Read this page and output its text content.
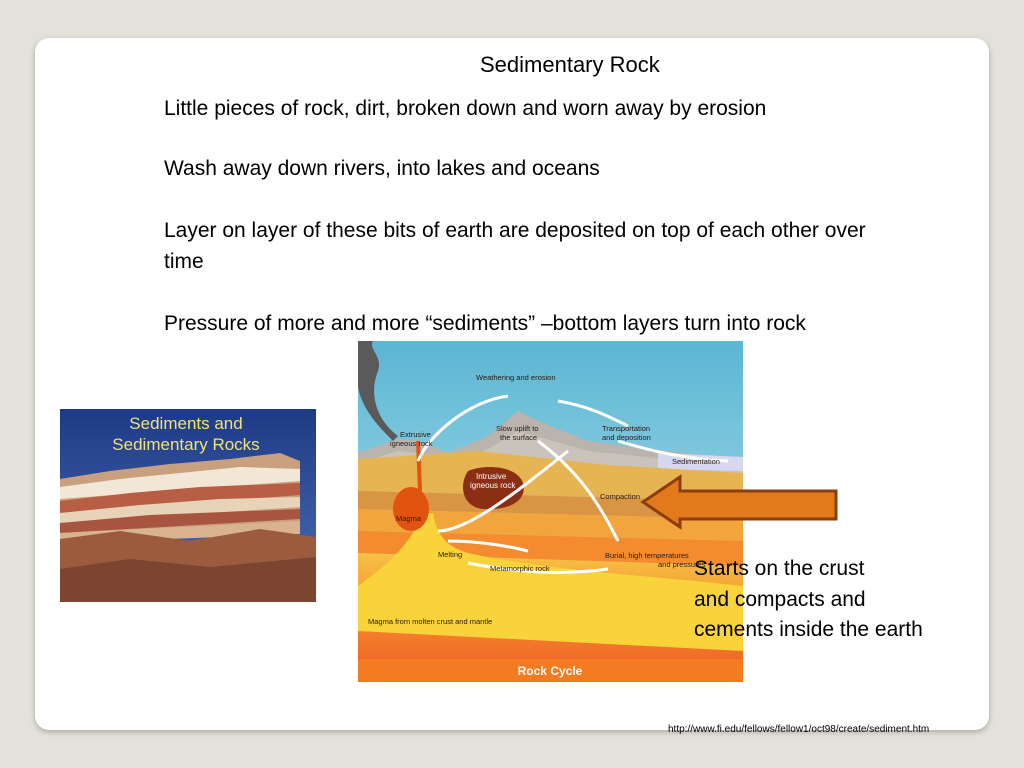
Sedimentary Rock
Little pieces of rock, dirt, broken down and worn away by erosion
Wash away down rivers, into lakes and oceans
Layer on layer of these bits of earth are deposited on top of each other over time
Pressure of more and more “sediments” –bottom layers turn into rock
Sediments and
Sedimentary Rocks
Weathering and erosion
Extrusive
igneous rock
Slow uplift to
the surface
Transportation
and deposition
Sedimentation
Intrusive
igneous rock
Compaction
Magma
Melting
Metamorphic rock
Burial, high temperatures
and pressures
Magma from molten crust and mantle
Rock Cycle
Starts on the crust
and compacts and
cements inside the earth
http://www.fi.edu/fellows/fellow1/oct98/create/sediment.htm
